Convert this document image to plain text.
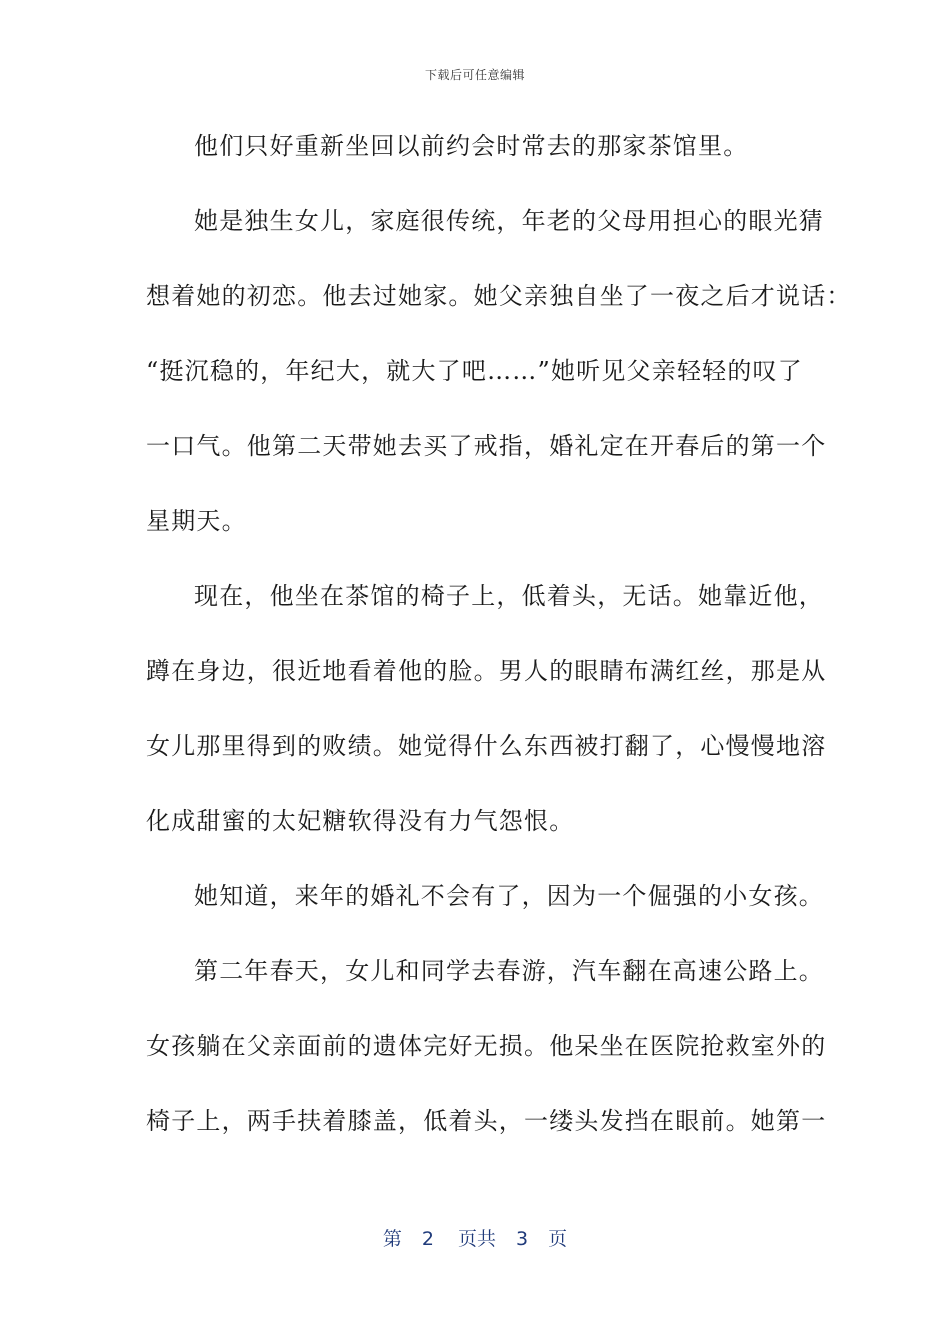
下载后可任意编辑
他们只好重新坐回以前约会时常去的那家茶馆里。
她是独生女儿，家庭很传统，年老的父母用担心的眼光猜
想着她的初恋。他去过她家。她父亲独自坐了一夜之后才说话：
“挺沉稳的，年纪大，就大了吧……”她听见父亲轻轻的叹了
一口气。他第二天带她去买了戒指，婚礼定在开春后的第一个
星期天。
现在，他坐在茶馆的椅子上，低着头，无话。她靠近他，
蹲在身边，很近地看着他的脸。男人的眼睛布满红丝，那是从
女儿那里得到的败绩。她觉得什么东西被打翻了，心慢慢地溶
化成甜蜜的太妃糖软得没有力气怨恨。
她知道，来年的婚礼不会有了，因为一个倔强的小女孩。
第二年春天，女儿和同学去春游，汽车翻在高速公路上。
女孩躺在父亲面前的遗体完好无损。他呆坐在医院抢救室外的
椅子上，两手扶着膝盖，低着头，一缕头发挡在眼前。她第一
第 2 页共 3 页
